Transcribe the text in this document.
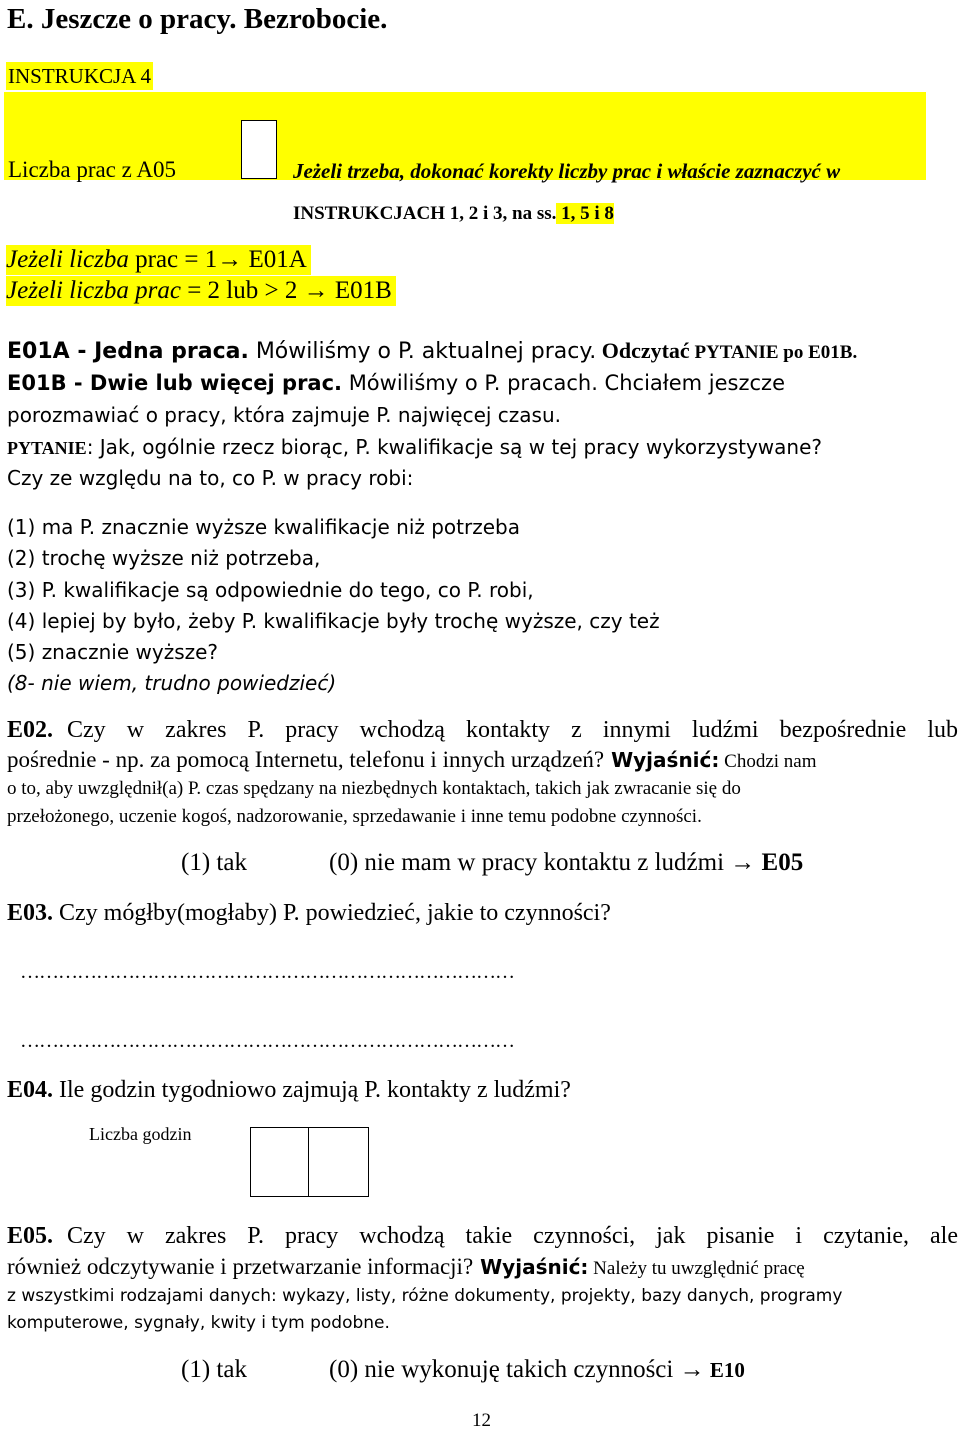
E. Jeszcze o pracy. Bezrobocie.
INSTRUKCJA 4
Liczba prac z A05	Jeżeli trzeba, dokonać korekty liczby prac i właście zaznaczyć w
INSTRUKCJACH 1, 2 i 3, na ss. 1, 5 i 8
Jeżeli liczba prac = 1→ E01A
Jeżeli liczba prac = 2 lub > 2 → E01B
E01A - Jedna praca. Mówiliśmy o P. aktualnej pracy. Odczytać PYTANIE po E01B.
E01B - Dwie lub więcej prac. Mówiliśmy o P. pracach. Chciałem jeszcze
porozmawiać o pracy, która zajmuje P. najwięcej czasu.
PYTANIE: Jak, ogólnie rzecz biorąc, P. kwalifikacje są w tej pracy wykorzystywane?
Czy ze względu na to, co P. w pracy robi:
(1) ma P. znacznie wyższe kwalifikacje niż potrzeba
(2) trochę wyższe niż potrzeba,
(3) P. kwalifikacje są odpowiednie do tego, co P. robi,
(4) lepiej by było, żeby P. kwalifikacje były trochę wyższe, czy też
(5) znacznie wyższe?
(8- nie wiem, trudno powiedzieć)
E02. Czy w zakres P. pracy wchodzą kontakty z innymi ludźmi bezpośrednie lub
pośrednie - np. za pomocą Internetu, telefonu i innych urządzeń? Wyjaśnić: Chodzi nam
o to, aby uwzględnił(a) P. czas spędzany na niezbędnych kontaktach, takich jak zwracanie się do
przełożonego, uczenie kogoś, nadzorowanie, sprzedawanie i inne temu podobne czynności.
(1) tak	(0) nie mam w pracy kontaktu z ludźmi → E05
E03. Czy mógłby(mogłaby) P. powiedzieć, jakie to czynności?
……………………………………………………………………
……………………………………………………………………
E04. Ile godzin tygodniowo zajmują P. kontakty z ludźmi?
Liczba godzin
E05. Czy w zakres P. pracy wchodzą takie czynności, jak pisanie i czytanie, ale
również odczytywanie i przetwarzanie informacji? Wyjaśnić: Należy tu uwzględnić pracę
z wszystkimi rodzajami danych: wykazy, listy, różne dokumenty, projekty, bazy danych, programy
komputerowe, sygnały, kwity i tym podobne.
(1) tak	(0) nie wykonuję takich czynności → E10
12
